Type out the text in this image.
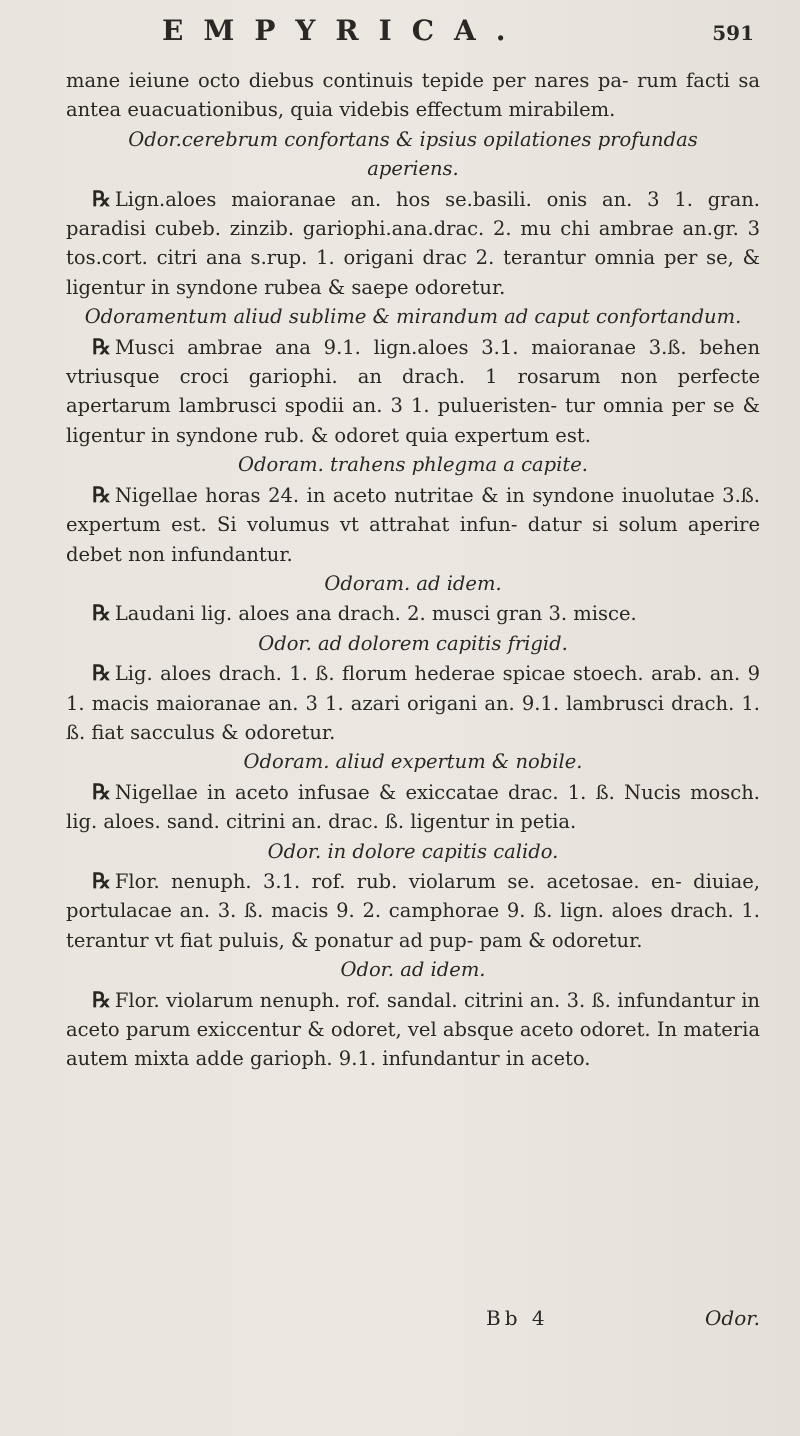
EMPYRICA.	591

mane ieiune octo diebus continuis tepide per nares pa- rum facti sa antea euacuationibus, quia videbis effectum mirabilem.

Odor.cerebrum confortans & ipsius opilationes profundas aperiens.

℞ Lign.aloes maioranae an. hos se.basili. onis an. 3 1. gran. paradisi cubeb. zinzib. gariophi.ana.drac. 2. mu chi ambrae an.gr. 3 tos.cort. citri ana s.rup. 1. origani drac 2. terantur omnia per se, & ligentur in syndone rubea & saepe odoretur.

Odoramentum aliud sublime & mirandum ad caput confortandum.

℞ Musci ambrae ana 9.1. lign.aloes 3.1. maioranae 3.ß. behen vtriusque croci gariophi. an drach. 1 rosarum non perfecte apertarum lambrusci spodii an. 3 1. pulueristen- tur omnia per se & ligentur in syndone rub. & odoret quia expertum est.

Odoram. trahens phlegma a capite.

℞ Nigellae horas 24. in aceto nutritae & in syndone inuolutae 3.ß. expertum est. Si volumus vt attrahat infun- datur si solum aperire debet non infundantur.

Odoram. ad idem.

℞ Laudani lig. aloes ana drach. 2. musci gran 3. misce.

Odor. ad dolorem capitis frigid.

℞ Lig. aloes drach. 1. ß. florum hederae spicae stoech. arab. an. 9 1. macis maioranae an. 3 1. azari origani an. 9.1. lambrusci drach. 1. ß. fiat sacculus & odoretur.

Odoram. aliud expertum & nobile.

℞ Nigellae in aceto infusae & exiccatae drac. 1. ß. Nucis mosch. lig. aloes. sand. citrini an. drac. ß. ligentur in petia.

Odor. in dolore capitis calido.

℞ Flor. nenuph. 3.1. rof. rub. violarum se. acetosae. en- diuiae, portulacae an. 3. ß. macis 9. 2. camphorae 9. ß. lign. aloes drach. 1. terantur vt fiat puluis, & ponatur ad pup- pam & odoretur.

Odor. ad idem.

℞ Flor. violarum nenuph. rof. sandal. citrini an. 3. ß. infundantur in aceto parum exiccentur & odoret, vel absque aceto odoret. In materia autem mixta adde garioph. 9.1. infundantur in aceto.

Bb 4	Odor.
